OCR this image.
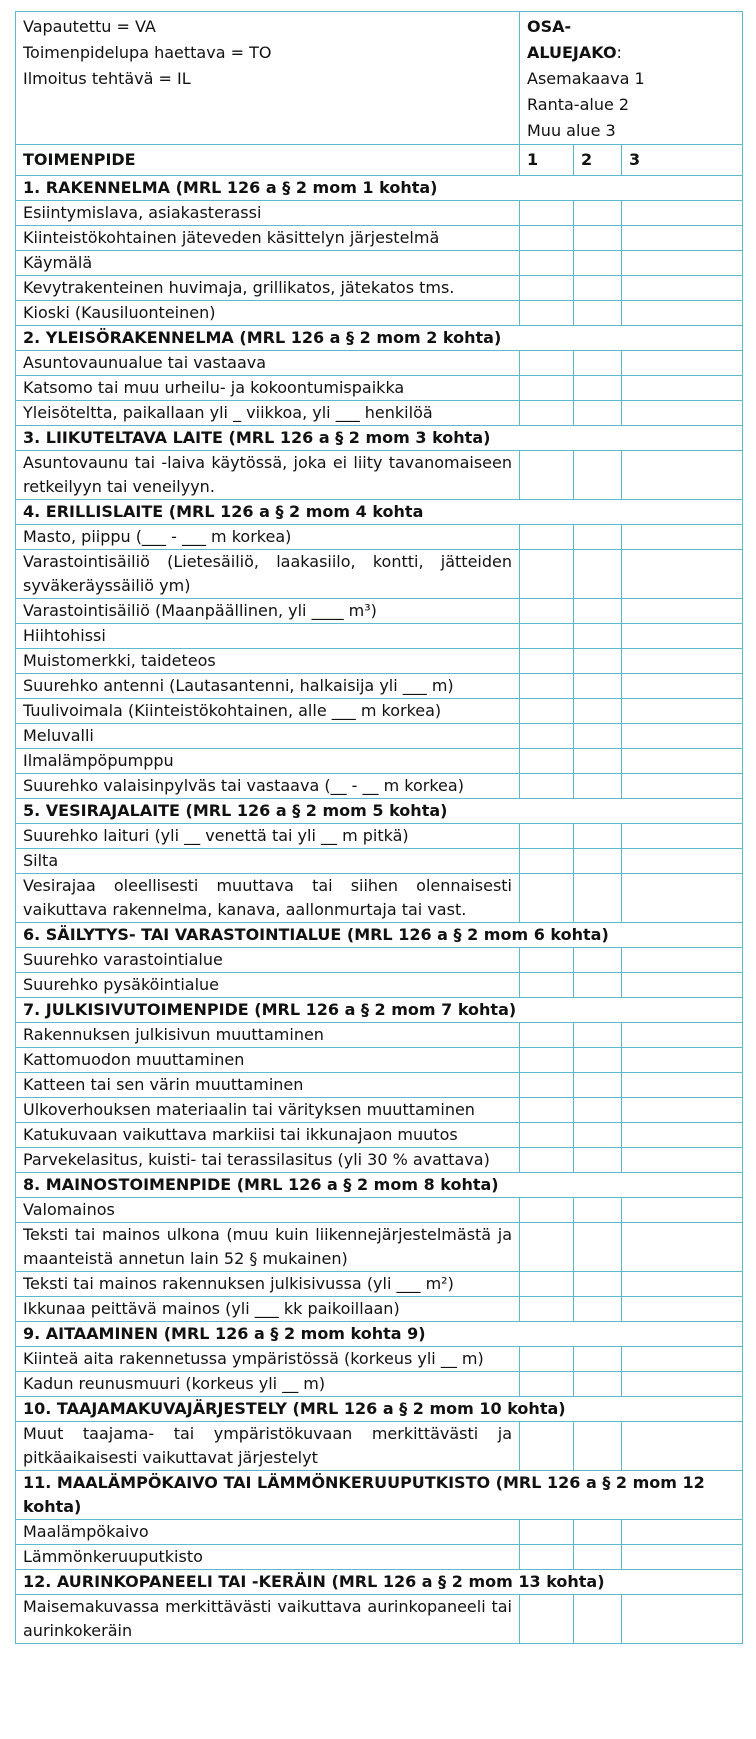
Vapautettu = VA
Toimenpidelupa haettava = TO
Ilmoitus tehtävä = IL	OSA-
ALUEJAKO:
Asemakaava 1
Ranta-alue 2
Muu alue 3		

TOIMENPIDE	1	2	3
1. RAKENNELMA (MRL 126 a § 2 mom 1 kohta)			
Esiintymislava, asiakasterassi			
Kiinteistökohtainen jäteveden käsittelyn järjestelmä			
Käymälä			
Kevytrakenteinen huvimaja, grillikatos, jätekatos tms.			
Kioski (Kausiluonteinen)			
2. YLEISÖRAKENNELMA (MRL 126 a § 2 mom 2 kohta)			
Asuntovaunualue tai vastaava			
Katsomo tai muu urheilu- ja kokoontumispaikka			
Yleisöteltta, paikallaan yli _ viikkoa, yli ___ henkilöä			
3. LIIKUTELTAVA LAITE (MRL 126 a § 2 mom 3 kohta)			
Asuntovaunu tai -laiva käytössä, joka ei liity tavanomaiseen retkeilyyn tai veneilyyn.			
4. ERILLISLAITE (MRL 126 a § 2 mom 4 kohta			
Masto, piippu (___ - ___ m korkea)			
Varastointisäiliö (Lietesäiliö, laakasiilo, kontti, jätteiden syväkeräyssäiliö ym)			
Varastointisäiliö (Maanpäällinen, yli ____ m³)			
Hiihtohissi			
Muistomerkki, taideteos			
Suurehko antenni (Lautasantenni, halkaisija yli ___ m)			
Tuulivoimala (Kiinteistökohtainen, alle ___ m korkea)			
Meluvalli			
Ilmalämpöpumppu			
Suurehko valaisinpylväs tai vastaava (__ - __ m korkea)			
5. VESIRAJALAITE (MRL 126 a § 2 mom 5 kohta)			
Suurehko laituri (yli __ venettä tai yli __ m pitkä)			
Silta			
Vesirajaa oleellisesti muuttava tai siihen olennaisesti vaikuttava rakennelma, kanava, aallonmurtaja tai vast.			
6. SÄILYTYS- TAI VARASTOINTIALUE (MRL 126 a § 2 mom 6 kohta)			
Suurehko varastointialue			
Suurehko pysäköintialue			
7. JULKISIVUTOIMENPIDE (MRL 126 a § 2 mom 7 kohta)			
Rakennuksen julkisivun muuttaminen			
Kattomuodon muuttaminen			
Katteen tai sen värin muuttaminen			
Ulkoverhouksen materiaalin tai värityksen muuttaminen			
Katukuvaan vaikuttava markiisi tai ikkunajaon muutos			
Parvekelasitus, kuisti- tai terassilasitus (yli 30 % avattava)			
8. MAINOSTOIMENPIDE (MRL 126 a § 2 mom 8 kohta)			
Valomainos			
Teksti tai mainos ulkona (muu kuin liikennejärjestelmästä ja maanteistä annetun lain 52 § mukainen)			
Teksti tai mainos rakennuksen julkisivussa (yli ___ m²)			
Ikkunaa peittävä mainos (yli ___ kk paikoillaan)			
9. AITAAMINEN (MRL 126 a § 2 mom kohta 9)			
Kiinteä aita rakennetussa ympäristössä (korkeus yli __ m)			
Kadun reunusmuuri (korkeus yli __ m)			
10. TAAJAMAKUVAJÄRJESTELY (MRL 126 a § 2 mom 10 kohta)			
Muut taajama- tai ympäristökuvaan merkittävästi ja pitkäaikaisesti vaikuttavat järjestelyt			
11. MAALÄMPÖKAIVO TAI LÄMMÖNKERUUPUTKISTO (MRL 126 a § 2 mom 12 kohta)			
Maalämpökaivo			
Lämmönkeruuputkisto			
12. AURINKOPANEELI TAI -KERÄIN (MRL 126 a § 2 mom 13 kohta)			
Maisemakuvassa merkittävästi vaikuttava aurinkopaneeli tai aurinkokeräin			
